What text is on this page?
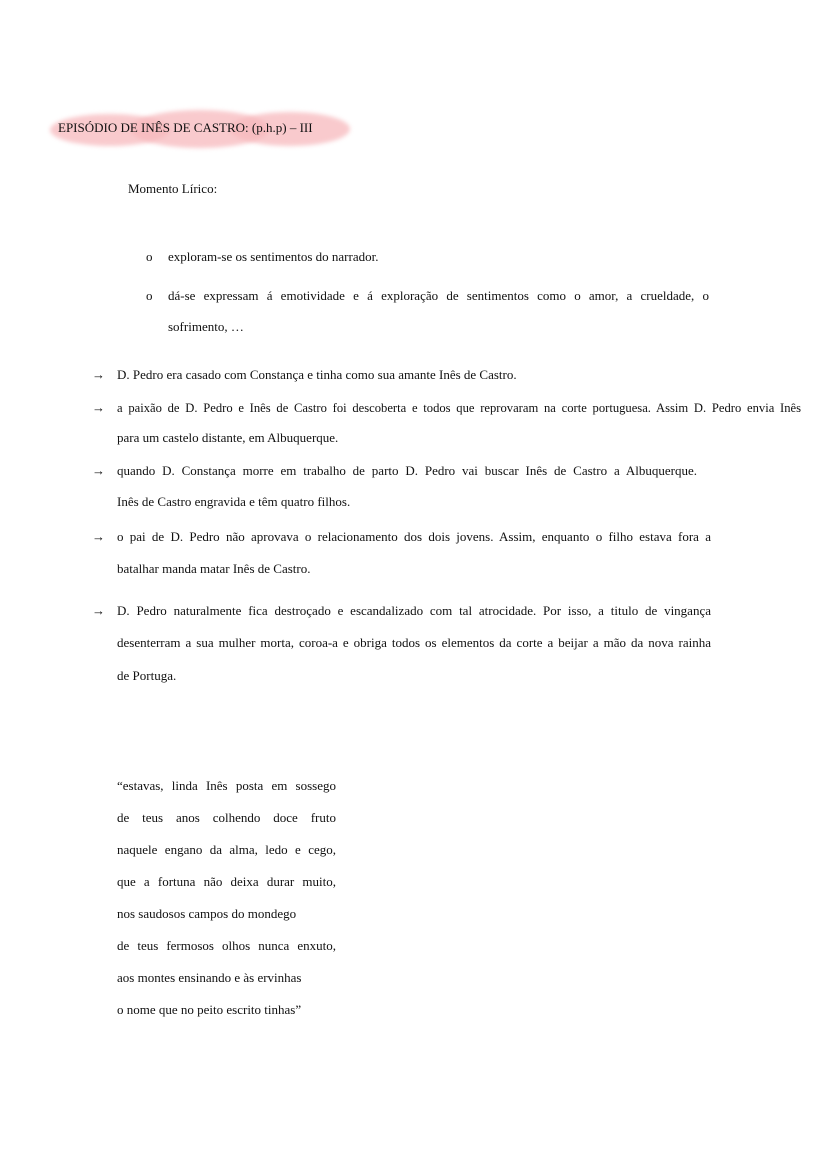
EPISÓDIO DE INÊS DE CASTRO: (p.h.p) – III
Momento Lírico:
o exploram-se os sentimentos do narrador.
o dá-se expressam á emotividade e á exploração de sentimentos como o amor, a crueldade, o
sofrimento, …
→ D. Pedro era casado com Constança e tinha como sua amante Inês de Castro.
→ a paixão de D. Pedro e Inês de Castro foi descoberta e todos que reprovaram na corte portuguesa. Assim D. Pedro envia Inês
para um castelo distante, em Albuquerque.
→ quando D. Constança morre em trabalho de parto D. Pedro vai buscar Inês de Castro a Albuquerque.
Inês de Castro engravida e têm quatro filhos.
→ o pai de D. Pedro não aprovava o relacionamento dos dois jovens. Assim, enquanto o filho estava fora a
batalhar manda matar Inês de Castro.
→ D. Pedro naturalmente fica destroçado e escandalizado com tal atrocidade. Por isso, a titulo de vingança
desenterram a sua mulher morta, coroa-a e obriga todos os elementos da corte a beijar a mão da nova rainha
de Portuga.
“estavas, linda Inês posta em sossego
de teus anos colhendo doce fruto
naquele engano da alma, ledo e cego,
que a fortuna não deixa durar muito,
nos saudosos campos do mondego
de teus fermosos olhos nunca enxuto,
aos montes ensinando e às ervinhas
o nome que no peito escrito tinhas”
